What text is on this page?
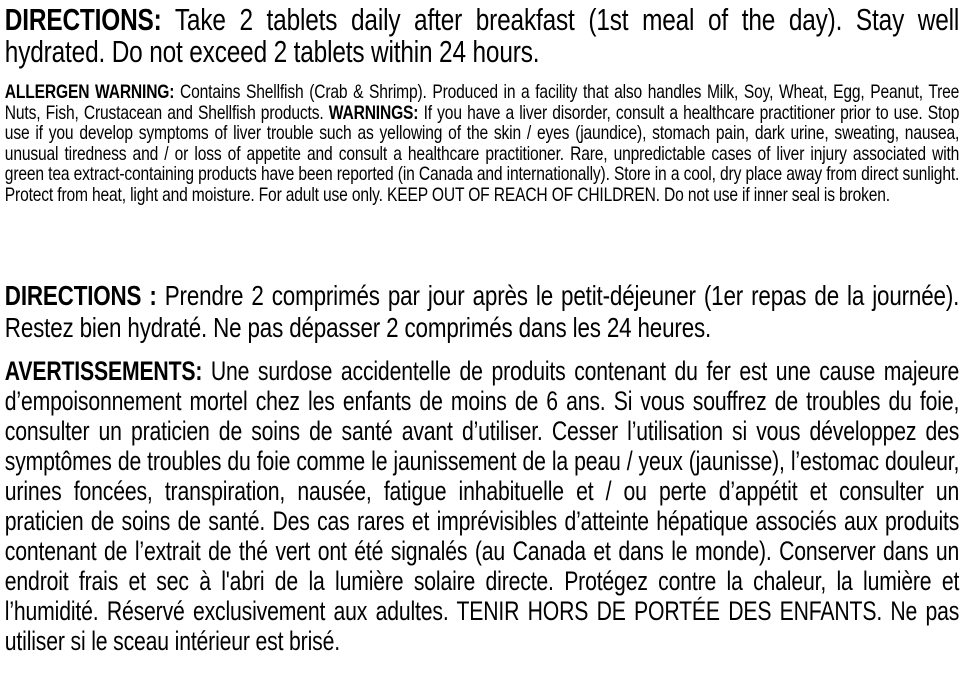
DIRECTIONS: Take 2 tablets daily after breakfast (1st meal of the day). Stay well hydrated. Do not exceed 2 tablets within 24 hours.

ALLERGEN WARNING: Contains Shellfish (Crab & Shrimp). Produced in a facility that also handles Milk, Soy, Wheat, Egg, Peanut, Tree Nuts, Fish, Crustacean and Shellfish products. WARNINGS: If you have a liver disorder, consult a healthcare practitioner prior to use. Stop use if you develop symptoms of liver trouble such as yellowing of the skin / eyes (jaundice), stomach pain, dark urine, sweating, nausea, unusual tiredness and / or loss of appetite and consult a healthcare practitioner. Rare, unpredictable cases of liver injury associated with green tea extract-containing products have been reported (in Canada and internationally). Store in a cool, dry place away from direct sunlight. Protect from heat, light and moisture. For adult use only. KEEP OUT OF REACH OF CHILDREN. Do not use if inner seal is broken.

DIRECTIONS : Prendre 2 comprimés par jour après le petit-déjeuner (1er repas de la journée). Restez bien hydraté. Ne pas dépasser 2 comprimés dans les 24 heures.

AVERTISSEMENTS: Une surdose accidentelle de produits contenant du fer est une cause majeure d’empoisonnement mortel chez les enfants de moins de 6 ans. Si vous souffrez de troubles du foie, consulter un praticien de soins de santé avant d’utiliser. Cesser l’utilisation si vous développez des symptômes de troubles du foie comme le jaunissement de la peau / yeux (jaunisse), l’estomac douleur, urines foncées, transpiration, nausée, fatigue inhabituelle et / ou perte d’appétit et consulter un praticien de soins de santé. Des cas rares et imprévisibles d’atteinte hépatique associés aux produits contenant de l’extrait de thé vert ont été signalés (au Canada et dans le monde). Conserver dans un endroit frais et sec à l'abri de la lumière solaire directe. Protégez contre la chaleur, la lumière et l’humidité. Réservé exclusivement aux adultes. TENIR HORS DE PORTÉE DES ENFANTS. Ne pas utiliser si le sceau intérieur est brisé.
